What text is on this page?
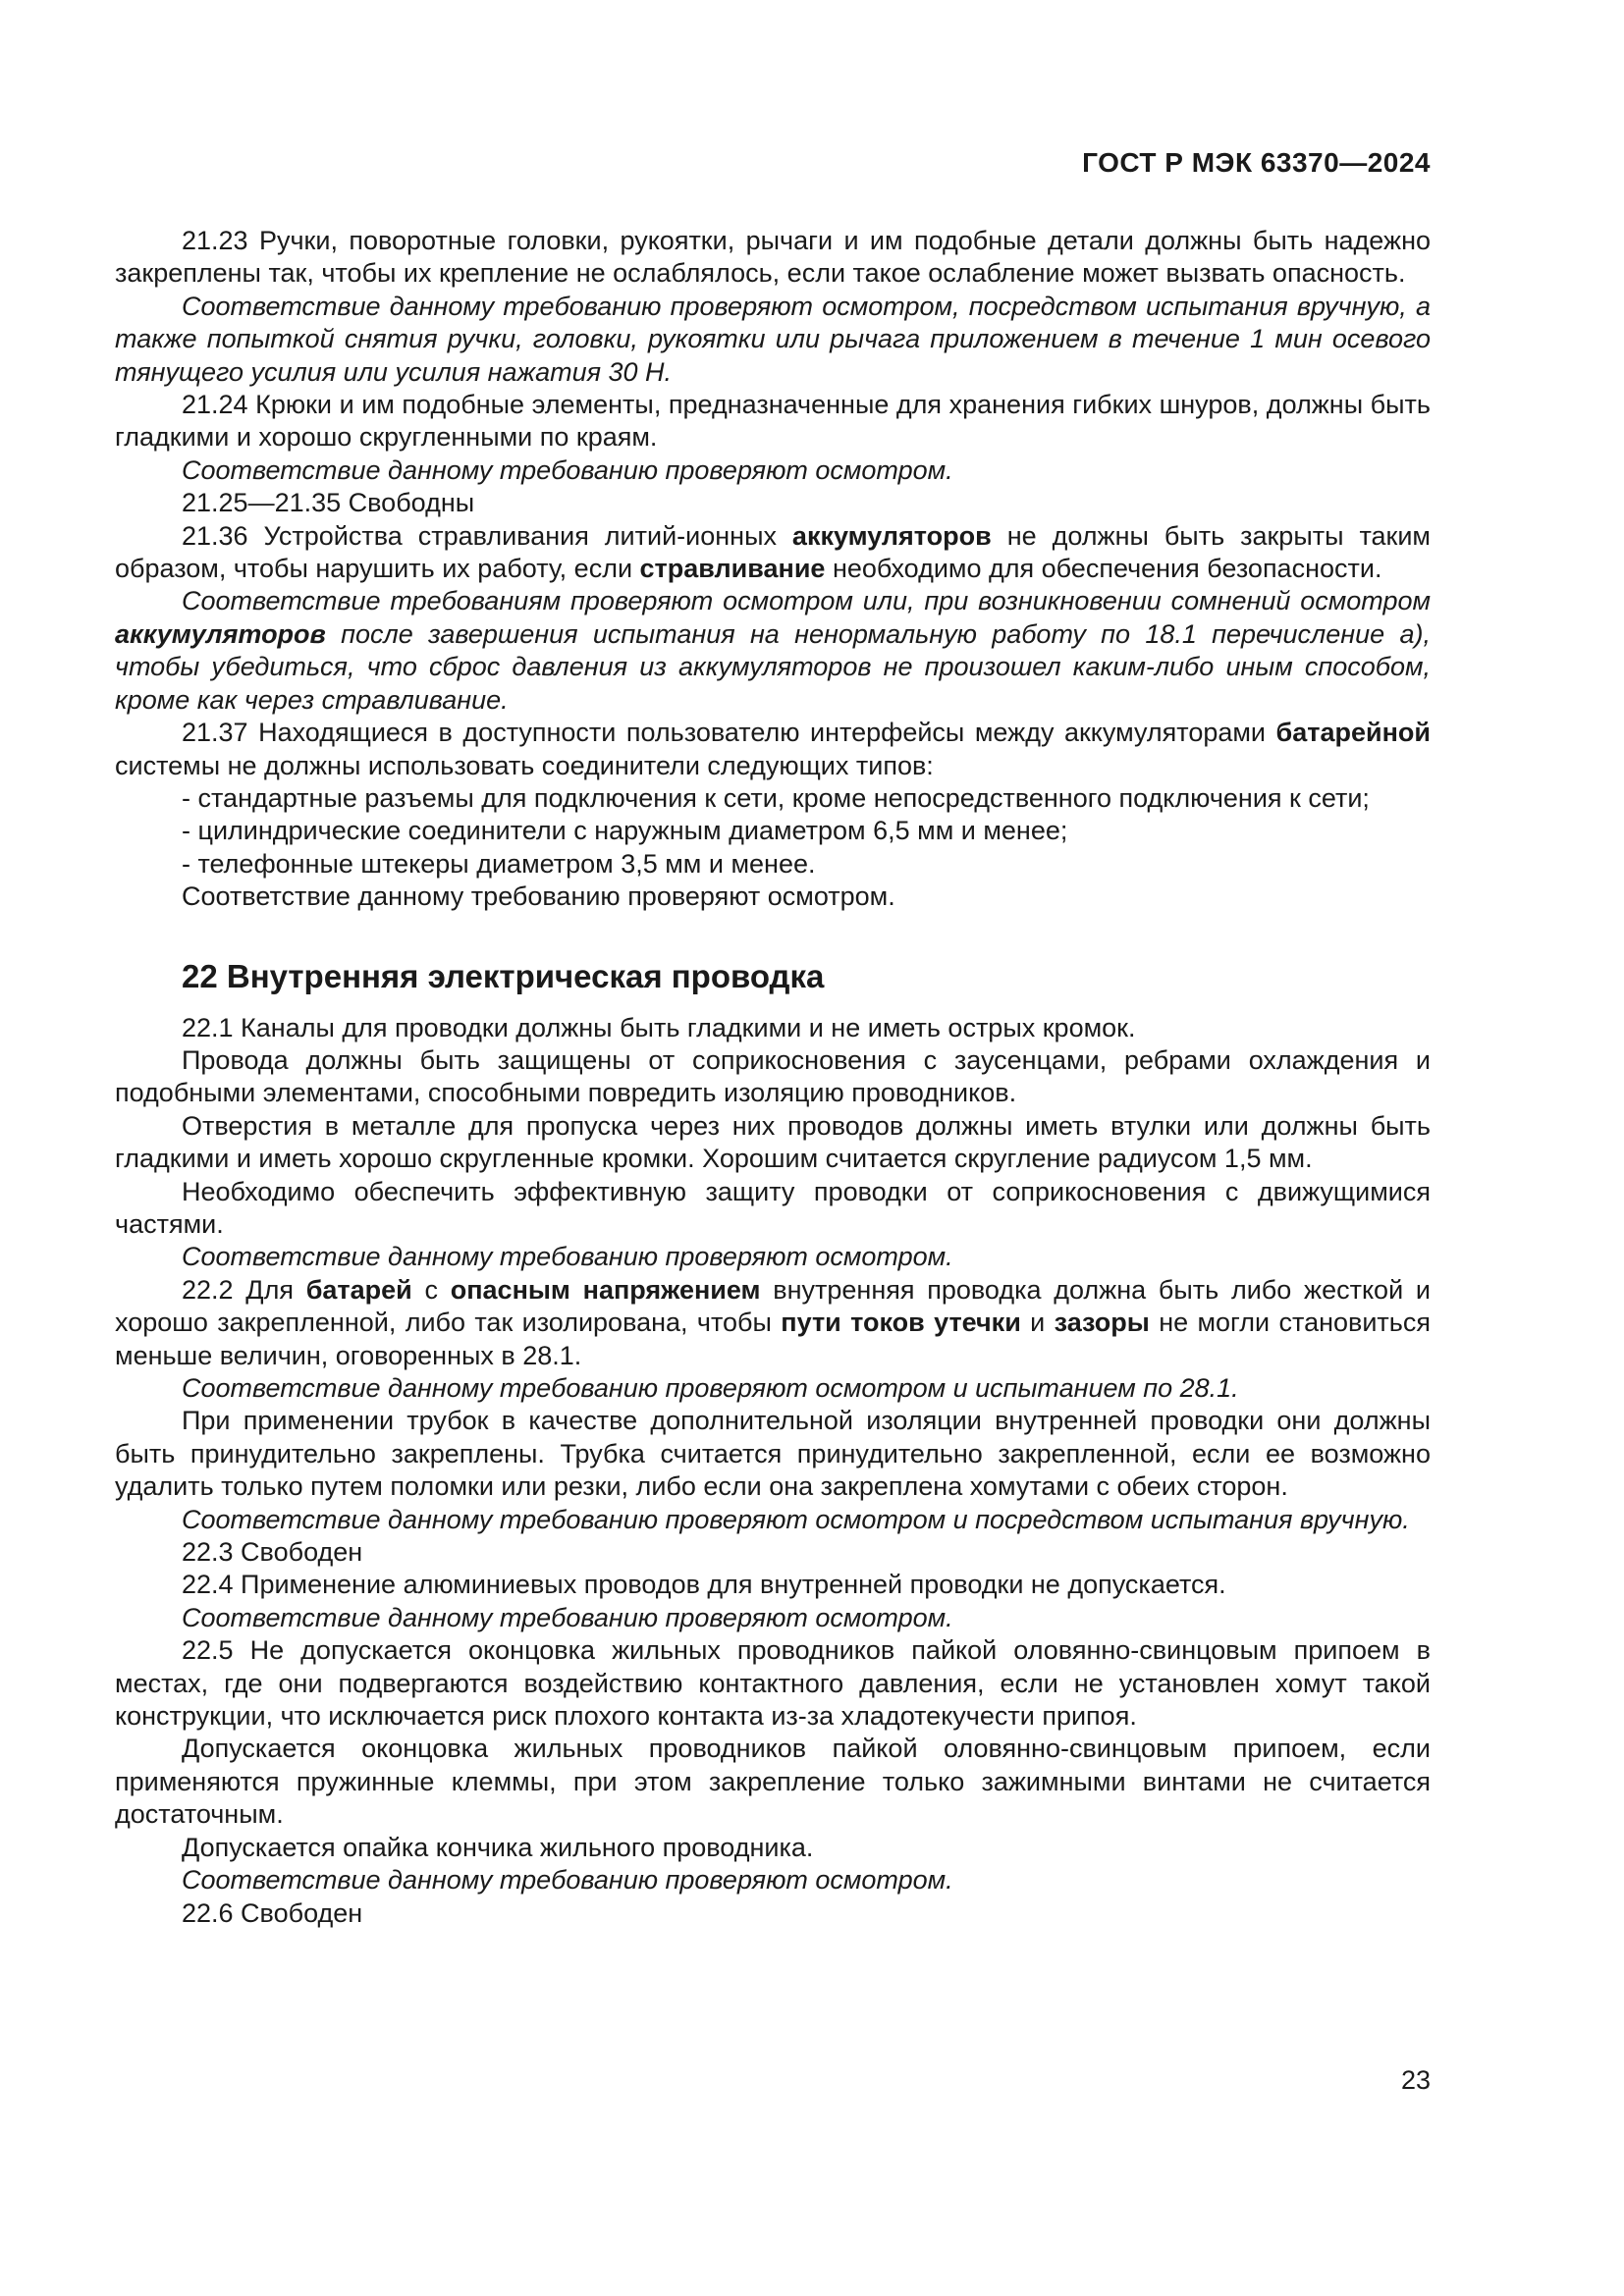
ГОСТ Р МЭК 63370—2024

21.23 Ручки, поворотные головки, рукоятки, рычаги и им подобные детали должны быть надежно закреплены так, чтобы их крепление не ослаблялось, если такое ослабление может вызвать опасность.

Соответствие данному требованию проверяют осмотром, посредством испытания вручную, а также попыткой снятия ручки, головки, рукоятки или рычага приложением в течение 1 мин осевого тянущего усилия или усилия нажатия 30 Н.

21.24 Крюки и им подобные элементы, предназначенные для хранения гибких шнуров, должны быть гладкими и хорошо скругленными по краям.

Соответствие данному требованию проверяют осмотром.

21.25—21.35 Свободны

21.36 Устройства стравливания литий-ионных аккумуляторов не должны быть закрыты таким образом, чтобы нарушить их работу, если стравливание необходимо для обеспечения безопасности.

Соответствие требованиям проверяют осмотром или, при возникновении сомнений осмотром аккумуляторов после завершения испытания на ненормальную работу по 18.1 перечисление а), чтобы убедиться, что сброс давления из аккумуляторов не произошел каким-либо иным способом, кроме как через стравливание.

21.37 Находящиеся в доступности пользователю интерфейсы между аккумуляторами батарейной системы не должны использовать соединители следующих типов:

- стандартные разъемы для подключения к сети, кроме непосредственного подключения к сети;

- цилиндрические соединители с наружным диаметром 6,5 мм и менее;

- телефонные штекеры диаметром 3,5 мм и менее.

Соответствие данному требованию проверяют осмотром.

22 Внутренняя электрическая проводка

22.1 Каналы для проводки должны быть гладкими и не иметь острых кромок.

Провода должны быть защищены от соприкосновения с заусенцами, ребрами охлаждения и подобными элементами, способными повредить изоляцию проводников.

Отверстия в металле для пропуска через них проводов должны иметь втулки или должны быть гладкими и иметь хорошо скругленные кромки. Хорошим считается скругление радиусом 1,5 мм.

Необходимо обеспечить эффективную защиту проводки от соприкосновения с движущимися частями.

Соответствие данному требованию проверяют осмотром.

22.2 Для батарей с опасным напряжением внутренняя проводка должна быть либо жесткой и хорошо закрепленной, либо так изолирована, чтобы пути токов утечки и зазоры не могли становиться меньше величин, оговоренных в 28.1.

Соответствие данному требованию проверяют осмотром и испытанием по 28.1.

При применении трубок в качестве дополнительной изоляции внутренней проводки они должны быть принудительно закреплены. Трубка считается принудительно закрепленной, если ее возможно удалить только путем поломки или резки, либо если она закреплена хомутами с обеих сторон.

Соответствие данному требованию проверяют осмотром и посредством испытания вручную.

22.3 Свободен

22.4 Применение алюминиевых проводов для внутренней проводки не допускается.

Соответствие данному требованию проверяют осмотром.

22.5 Не допускается оконцовка жильных проводников пайкой оловянно-свинцовым припоем в местах, где они подвергаются воздействию контактного давления, если не установлен хомут такой конструкции, что исключается риск плохого контакта из-за хладотекучести припоя.

Допускается оконцовка жильных проводников пайкой оловянно-свинцовым припоем, если применяются пружинные клеммы, при этом закрепление только зажимными винтами не считается достаточным.

Допускается опайка кончика жильного проводника.

Соответствие данному требованию проверяют осмотром.

22.6 Свободен

23
